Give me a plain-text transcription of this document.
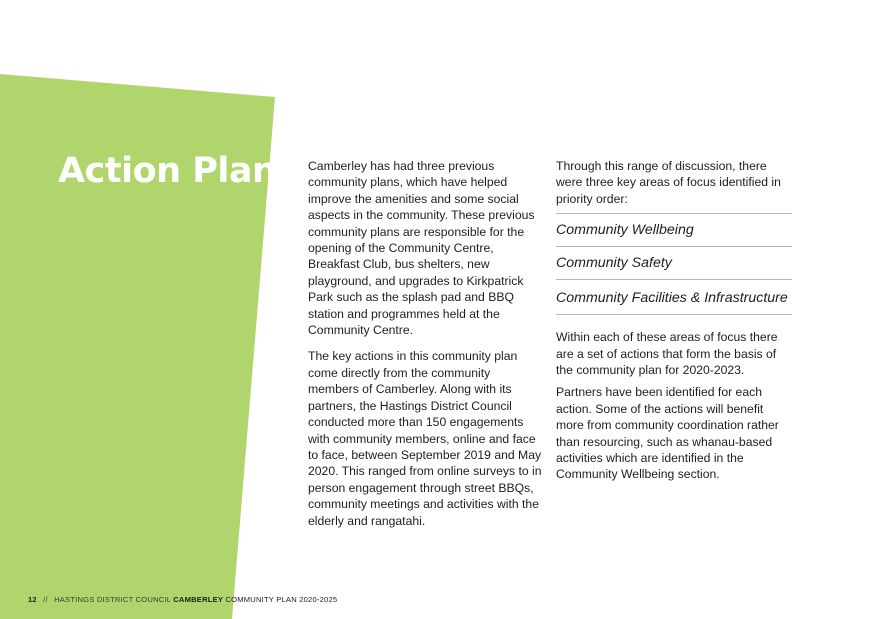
Action Plan	Camberley has had three previous community plans, which have helped improve the amenities and some social aspects in the community. These previous community plans are responsible for the opening of the Community Centre, Breakfast Club, bus shelters, new playground, and upgrades to Kirkpatrick Park such as the splash pad and BBQ station and programmes held at the Community Centre.

The key actions in this community plan come directly from the community members of Camberley. Along with its partners, the Hastings District Council conducted more than 150 engagements with community members, online and face to face, between September 2019 and May 2020. This ranged from online surveys to in person engagement through street BBQs, community meetings and activities with the elderly and rangatahi.

Through this range of discussion, there were three key areas of focus identified in priority order:

Community Wellbeing
Community Safety
Community Facilities & Infrastructure

Within each of these areas of focus there are a set of actions that form the basis of the community plan for 2020-2023.

Partners have been identified for each action. Some of the actions will benefit more from community coordination rather than resourcing, such as whanau-based activities which are identified in the Community Wellbeing section.

12 // HASTINGS DISTRICT COUNCIL CAMBERLEY COMMUNITY PLAN 2020-2025
